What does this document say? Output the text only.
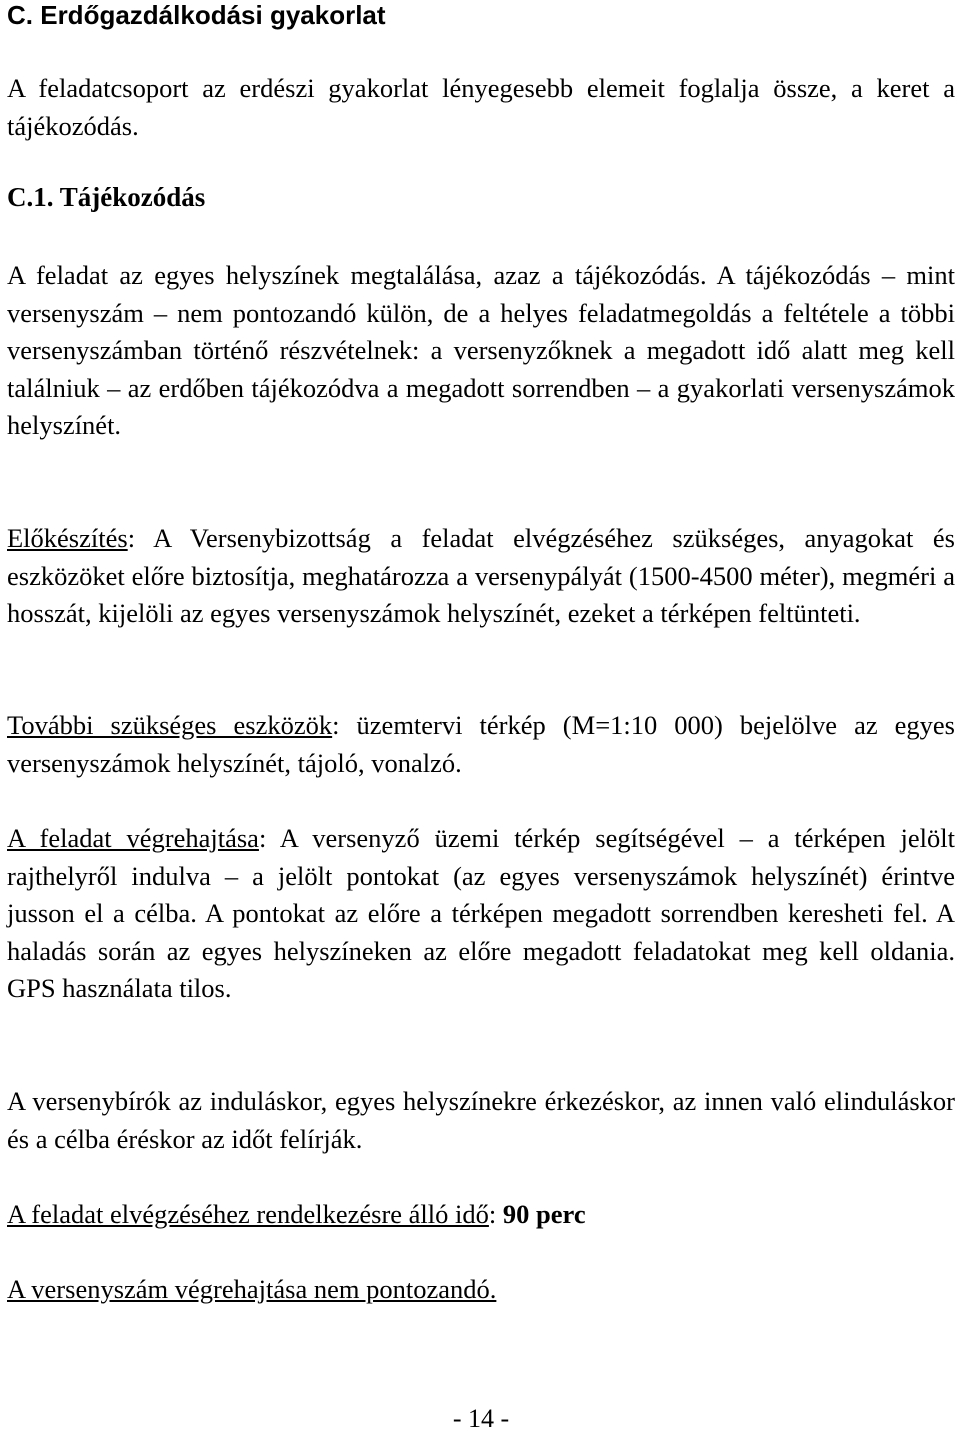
C. Erdőgazdálkodási gyakorlat

A feladatcsoport az erdészi gyakorlat lényegesebb elemeit foglalja össze, a keret a tájékozódás.

C.1. Tájékozódás

A feladat az egyes helyszínek megtalálása, azaz a tájékozódás. A tájékozódás – mint versenyszám – nem pontozandó külön, de a helyes feladatmegoldás a feltétele a többi versenyszámban történő részvételnek: a versenyzőknek a megadott idő alatt meg kell találniuk – az erdőben tájékozódva a megadott sorrendben – a gyakorlati versenyszámok helyszínét.

Előkészítés: A Versenybizottság a feladat elvégzéséhez szükséges, anyagokat és eszközöket előre biztosítja, meghatározza a versenypályát (1500-4500 méter), megméri a hosszát, kijelöli az egyes versenyszámok helyszínét, ezeket a térképen feltünteti.

További szükséges eszközök: üzemtervi térkép (M=1:10 000) bejelölve az egyes versenyszámok helyszínét, tájoló, vonalzó.

A feladat végrehajtása: A versenyző üzemi térkép segítségével – a térképen jelölt rajthelyről indulva – a jelölt pontokat (az egyes versenyszámok helyszínét) érintve jusson el a célba. A pontokat az előre a térképen megadott sorrendben keresheti fel. A haladás során az egyes helyszíneken az előre megadott feladatokat meg kell oldania. GPS használata tilos.

A versenybírók az induláskor, egyes helyszínekre érkezéskor, az innen való elinduláskor és a célba éréskor az időt felírják.

A feladat elvégzéséhez rendelkezésre álló idő: 90 perc

A versenyszám végrehajtása nem pontozandó.

- 14 -
